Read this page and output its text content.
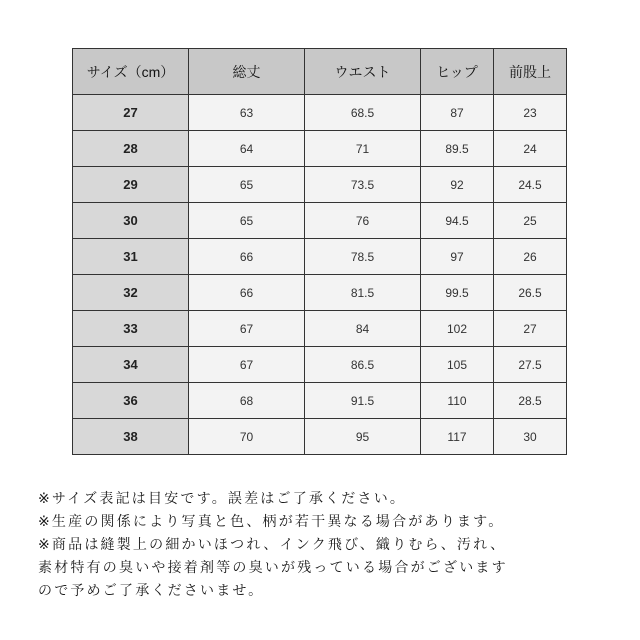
サイズ（cm）	総丈	ウエスト	ヒップ	前股上
27	63	68.5	87	23
28	64	71	89.5	24
29	65	73.5	92	24.5
30	65	76	94.5	25
31	66	78.5	97	26
32	66	81.5	99.5	26.5
33	67	84	102	27
34	67	86.5	105	27.5
36	68	91.5	110	28.5
38	70	95	117	30
※サイズ表記は目安です。誤差はご了承ください。
※生産の関係により写真と色、柄が若干異なる場合があります。
※商品は縫製上の細かいほつれ、インク飛び、織りむら、汚れ、
素材特有の臭いや接着剤等の臭いが残っている場合がございます
ので予めご了承くださいませ。
